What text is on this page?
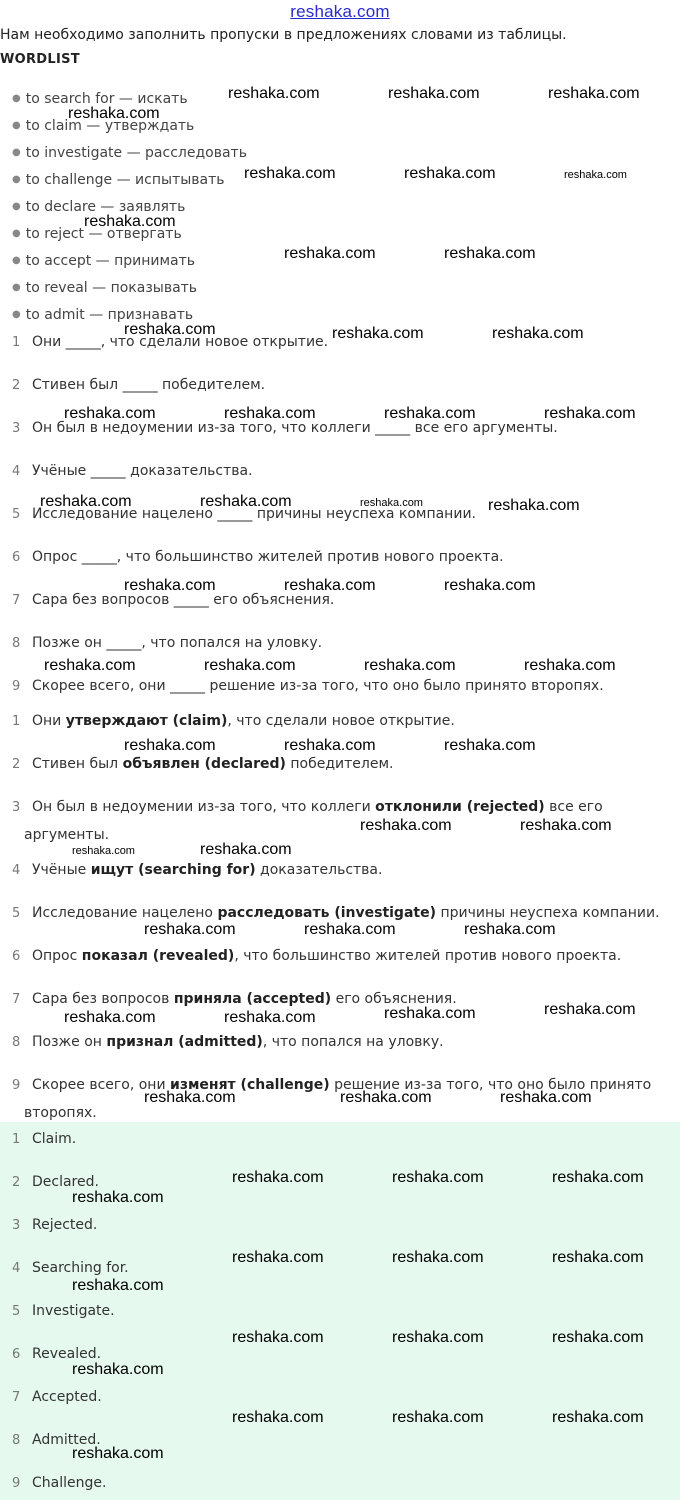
reshaka.com
Нам необходимо заполнить пропуски в предложениях словами из таблицы.
WORDLIST
● to search for — искать
● to claim — утверждать
● to investigate — расследовать
● to challenge — испытывать
● to declare — заявлять
● to reject — отвергать
● to accept — принимать
● to reveal — показывать
● to admit — признавать
1 Они _____, что сделали новое открытие.
2 Стивен был _____ победителем.
3 Он был в недоумении из-за того, что коллеги _____ все его аргументы.
4 Учёные _____ доказательства.
5 Исследование нацелено _____ причины неуспеха компании.
6 Опрос _____, что большинство жителей против нового проекта.
7 Сара без вопросов _____ его объяснения.
8 Позже он _____, что попался на уловку.
9 Скорее всего, они _____ решение из-за того, что оно было принято второпях.
1 Они утверждают (claim), что сделали новое открытие.
2 Стивен был объявлен (declared) победителем.
3 Он был в недоумении из-за того, что коллеги отклонили (rejected) все его
аргументы.
4 Учёные ищут (searching for) доказательства.
5 Исследование нацелено расследовать (investigate) причины неуспеха компании.
6 Опрос показал (revealed), что большинство жителей против нового проекта.
7 Сара без вопросов приняла (accepted) его объяснения.
8 Позже он признал (admitted), что попался на уловку.
9 Скорее всего, они изменят (challenge) решение из-за того, что оно было принято
второпях.
1 Claim.
2 Declared.
3 Rejected.
4 Searching for.
5 Investigate.
6 Revealed.
7 Accepted.
8 Admitted.
9 Challenge.
reshaka.com	reshaka.com	reshaka.com
reshaka.com
reshaka.com	reshaka.com	reshaka.com
reshaka.com
reshaka.com	reshaka.com
reshaka.com	reshaka.com	reshaka.com
reshaka.com	reshaka.com	reshaka.com	reshaka.com
reshaka.com	reshaka.com	reshaka.com	reshaka.com
reshaka.com	reshaka.com	reshaka.com
reshaka.com	reshaka.com	reshaka.com	reshaka.com
reshaka.com	reshaka.com	reshaka.com
reshaka.com	reshaka.com
reshaka.com	reshaka.com
reshaka.com	reshaka.com	reshaka.com
reshaka.com
reshaka.com
reshaka.com	reshaka.com
reshaka.com	reshaka.com	reshaka.com
reshaka.com	reshaka.com	reshaka.com
reshaka.com
reshaka.com	reshaka.com	reshaka.com
reshaka.com
reshaka.com	reshaka.com	reshaka.com
reshaka.com
reshaka.com	reshaka.com	reshaka.com
reshaka.com
